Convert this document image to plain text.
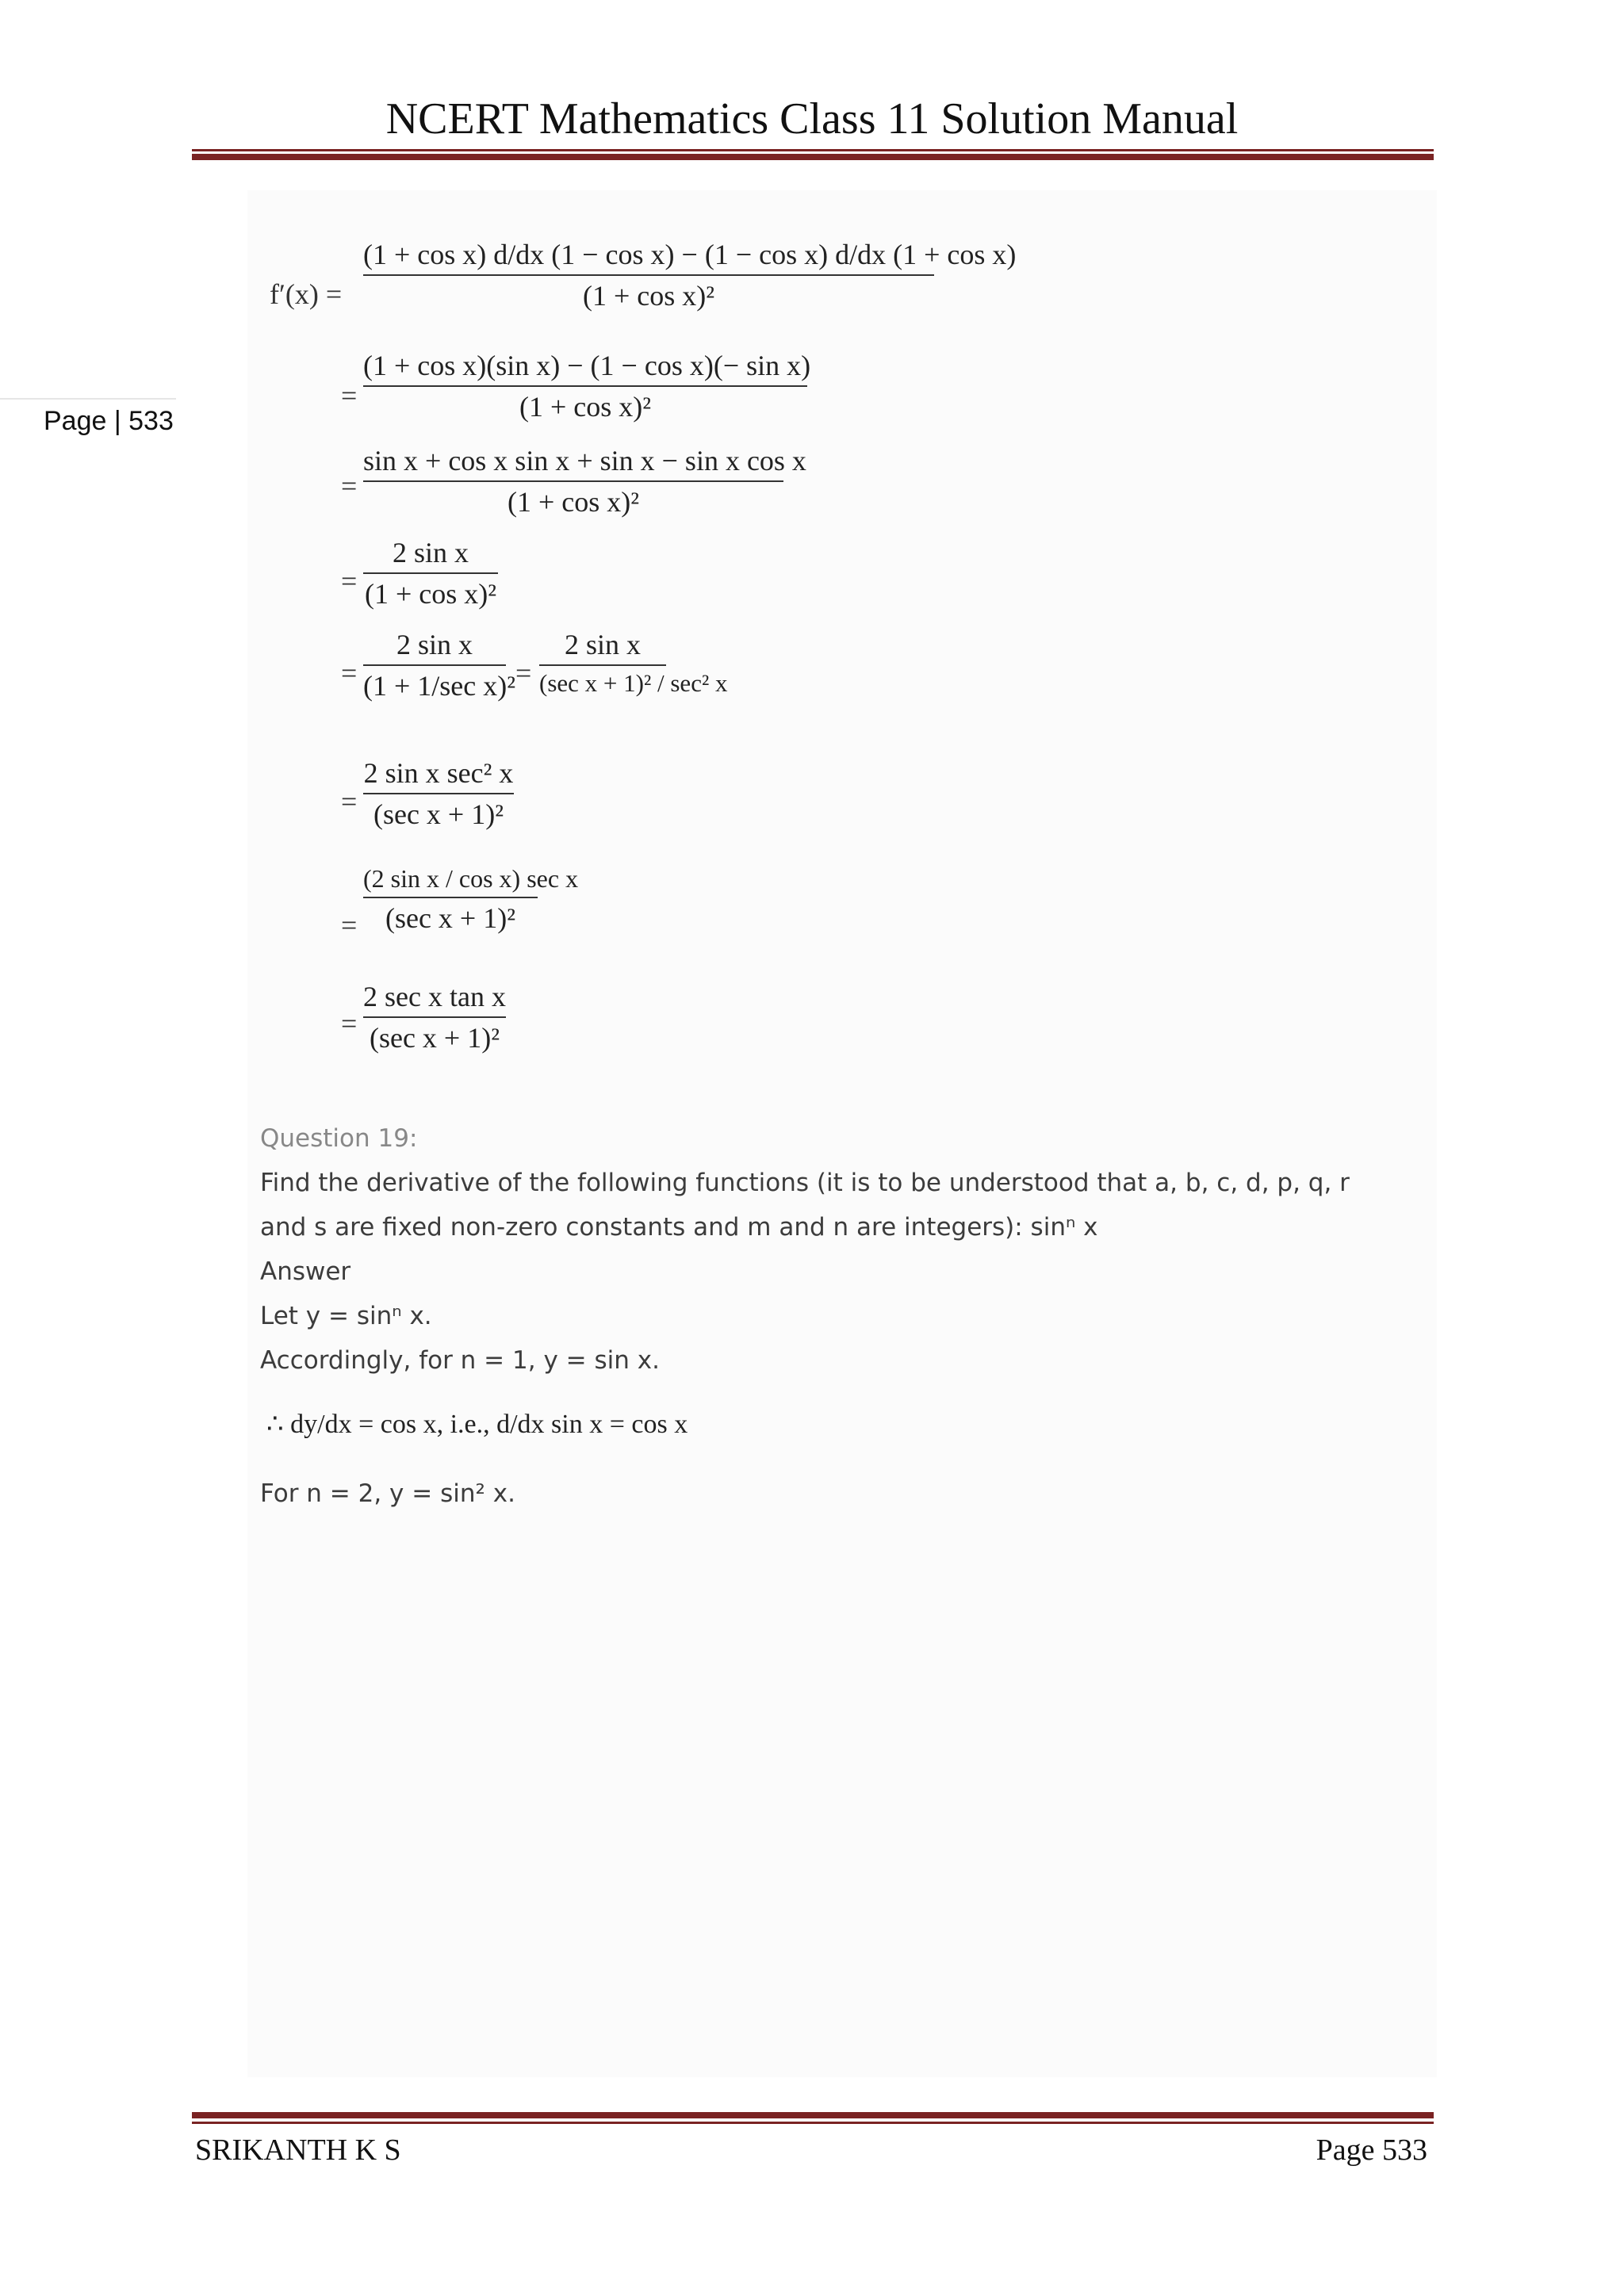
NCERT Mathematics Class 11 Solution Manual
Page | 533
f′(x) =
(1 + cos x) d/dx (1 − cos x) − (1 − cos x) d/dx (1 + cos x)
(1 + cos x)²
=
(1 + cos x)(sin x) − (1 − cos x)(− sin x)
(1 + cos x)²
=
sin x + cos x sin x + sin x − sin x cos x
(1 + cos x)²
=
2 sin x
(1 + cos x)²
=
2 sin x
(1 + 1/sec x)² =
2 sin x
(sec x + 1)² / sec² x
=
2 sin x sec² x
(sec x + 1)²
=
(2 sin x / cos x) sec x
(sec x + 1)²
=
2 sec x tan x
(sec x + 1)²
Question 19:
Find the derivative of the following functions (it is to be understood that a, b, c, d, p, q, r
and s are fixed non-zero constants and m and n are integers): sinⁿ x
Answer
Let y = sinⁿ x.
Accordingly, for n = 1, y = sin x.
∴ dy/dx = cos x, i.e., d/dx sin x = cos x
For n = 2, y = sin² x.
SRIKANTH K S	Page 533
